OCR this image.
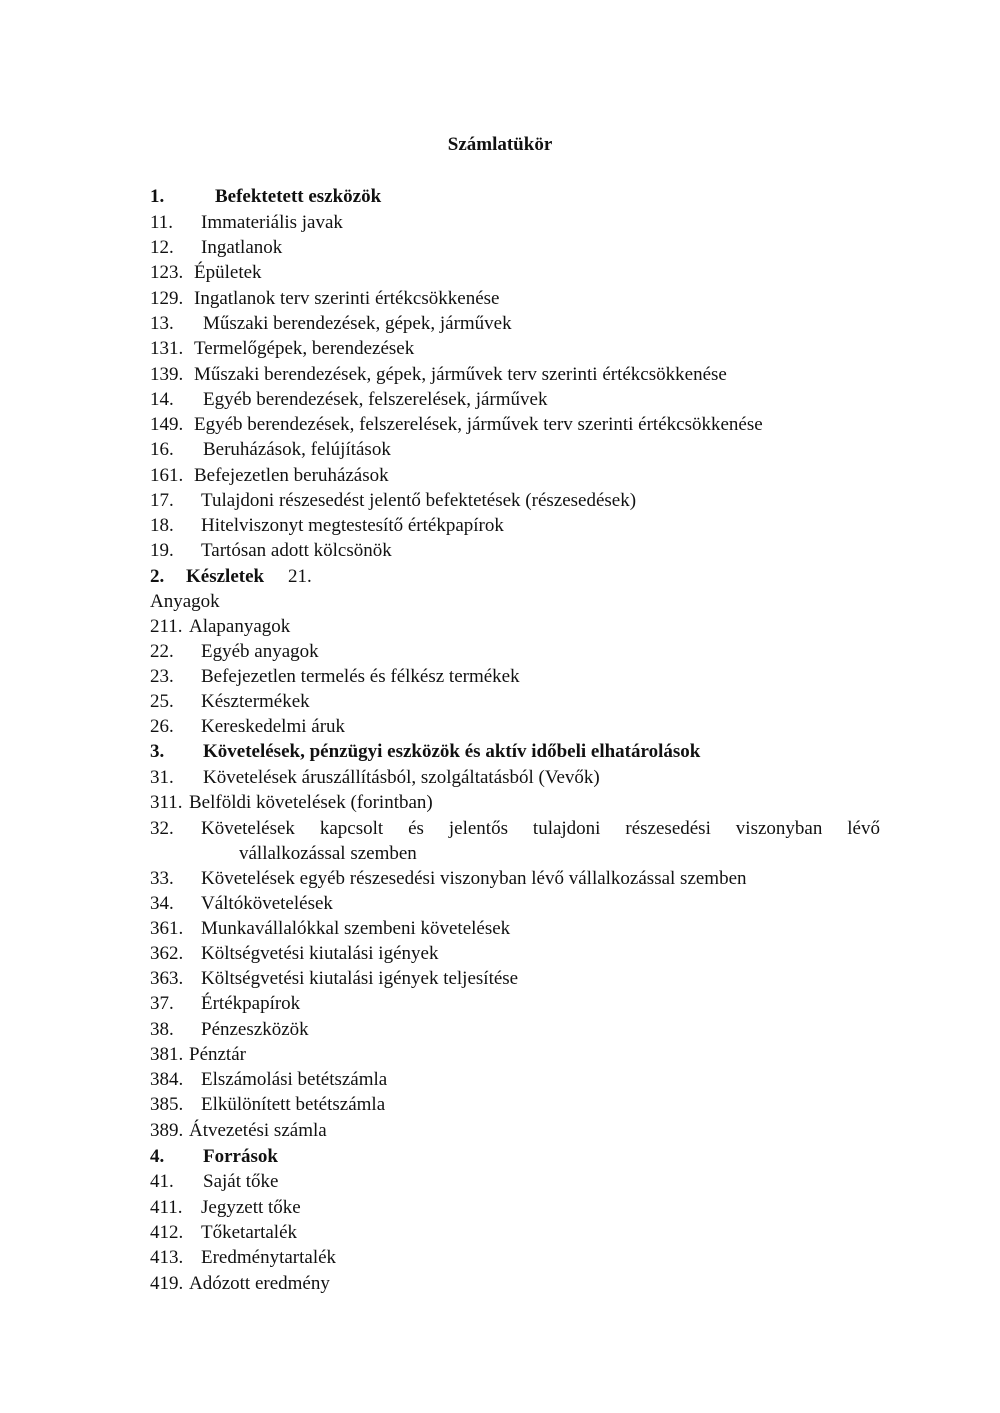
Számlatükör
1.	Befektetett eszközök
11. Immateriális javak
12. Ingatlanok
123. Épületek
129. Ingatlanok terv szerinti értékcsökkenése
13. Műszaki berendezések, gépek, járművek
131. Termelőgépek, berendezések
139. Műszaki berendezések, gépek, járművek terv szerinti értékcsökkenése
14. Egyéb berendezések, felszerelések, járművek
149. Egyéb berendezések, felszerelések, járművek terv szerinti értékcsökkenése
16. Beruházások, felújítások
161. Befejezetlen beruházások
17. Tulajdoni részesedést jelentő befektetések (részesedések)
18. Hitelviszonyt megtestesítő értékpapírok
19. Tartósan adott kölcsönök
2. Készletek 21.
Anyagok
211. Alapanyagok
22. Egyéb anyagok
23. Befejezetlen termelés és félkész termékek
25. Késztermékek
26. Kereskedelmi áruk
3. Követelések, pénzügyi eszközök és aktív időbeli elhatárolások
31. Követelések áruszállításból, szolgáltatásból (Vevők)
311. Belföldi követelések (forintban)
32. Követelések kapcsolt és jelentős tulajdoni részesedési viszonyban lévő
vállalkozással szemben
33. Követelések egyéb részesedési viszonyban lévő vállalkozással szemben
34. Váltókövetelések
361. Munkavállalókkal szembeni követelések
362. Költségvetési kiutalási igények
363. Költségvetési kiutalási igények teljesítése
37. Értékpapírok
38. Pénzeszközök
381. Pénztár
384. Elszámolási betétszámla
385. Elkülönített betétszámla
389. Átvezetési számla
4. Források
41. Saját tőke
411. Jegyzett tőke
412. Tőketartalék
413. Eredménytartalék
419. Adózott eredmény
